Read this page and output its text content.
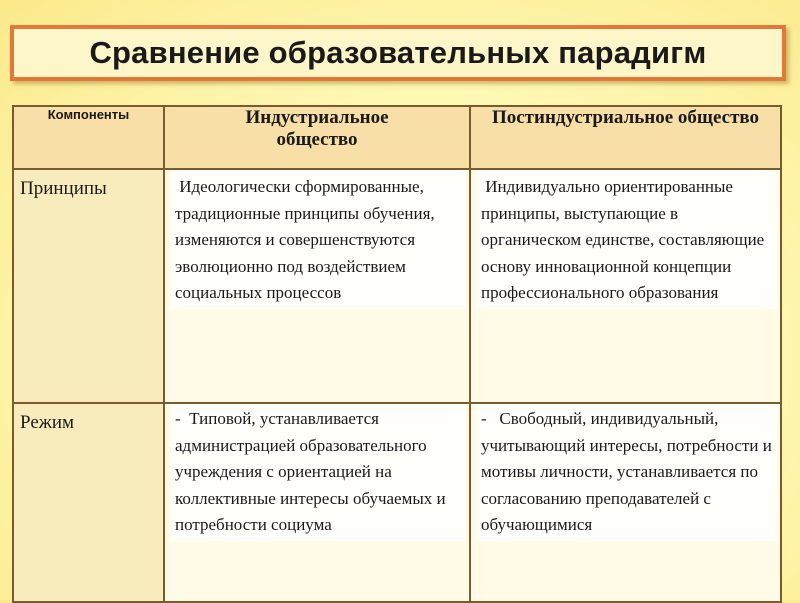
Сравнение образовательных парадигм
Компоненты	Индустриальное общество	Постиндустриальное общество

Принципы	Идеологически сформированные, традиционные принципы обучения,   изменяются и совершенствуются эволюционно под воздействием социальных процессов	Индивидуально ориентированные принципы, выступающие в органическом единстве, составляющие основу инновационной концепции профессионального образования

Режим	-  Типовой, устанавливается администрацией образовательного учреждения с ориентацией на коллективные интересы обучаемых и потребности социума	-   Свободный, индивидуальный, учитывающий интересы, потребности и мотивы личности, устанавливается по согласованию преподавателей с обучающимися
